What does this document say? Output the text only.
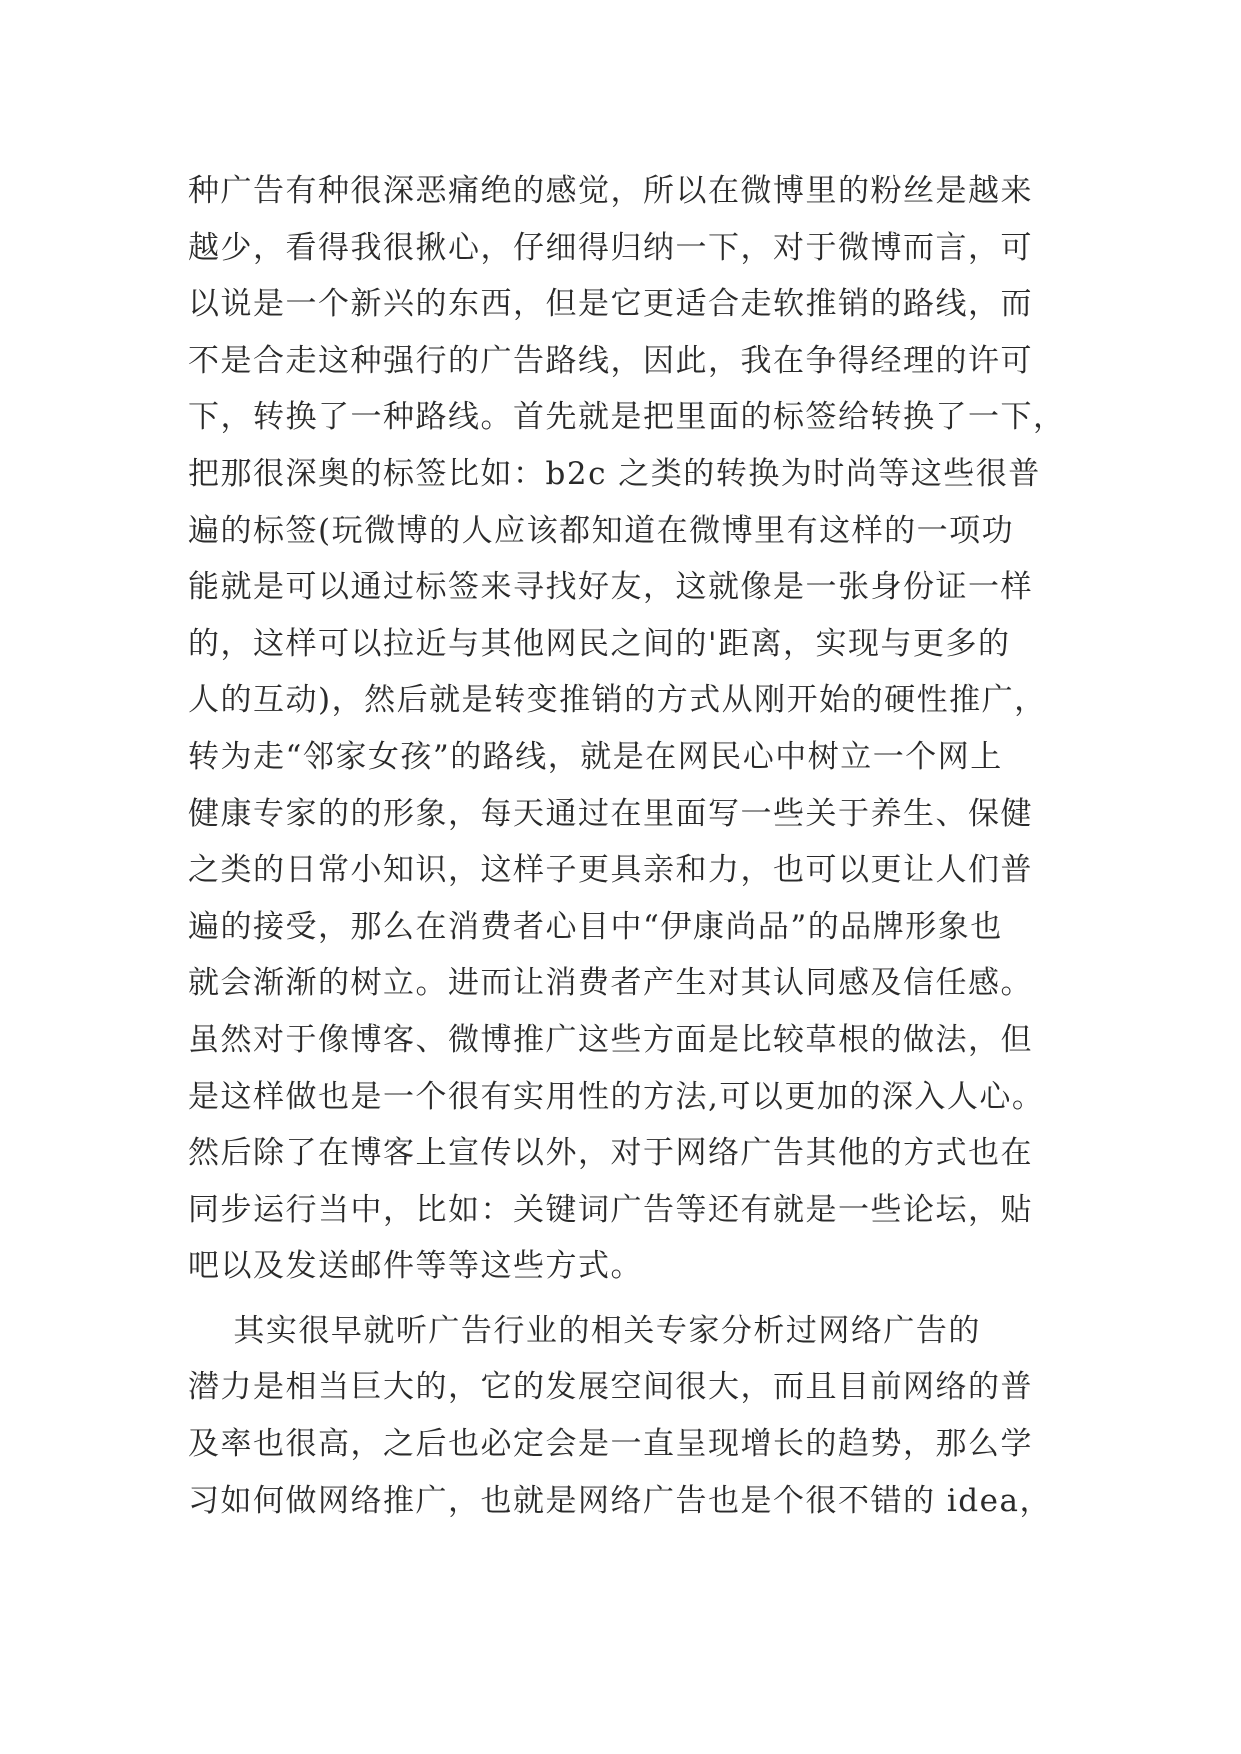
种广告有种很深恶痛绝的感觉，所以在微博里的粉丝是越来
越少，看得我很揪心，仔细得归纳一下，对于微博而言，可
以说是一个新兴的东西，但是它更适合走软推销的路线，而
不是合走这种强行的广告路线，因此，我在争得经理的许可
下，转换了一种路线。首先就是把里面的标签给转换了一下，
把那很深奥的标签比如：b2c 之类的转换为时尚等这些很普
遍的标签(玩微博的人应该都知道在微博里有这样的一项功
能就是可以通过标签来寻找好友，这就像是一张身份证一样
的，这样可以拉近与其他网民之间的'距离，实现与更多的
人的互动)，然后就是转变推销的方式从刚开始的硬性推广，
转为走“邻家女孩”的路线，就是在网民心中树立一个网上
健康专家的的形象，每天通过在里面写一些关于养生、保健
之类的日常小知识，这样子更具亲和力，也可以更让人们普
遍的接受，那么在消费者心目中“伊康尚品”的品牌形象也
就会渐渐的树立。进而让消费者产生对其认同感及信任感。
虽然对于像博客、微博推广这些方面是比较草根的做法，但
是这样做也是一个很有实用性的方法,可以更加的深入人心。
然后除了在博客上宣传以外，对于网络广告其他的方式也在
同步运行当中，比如：关键词广告等还有就是一些论坛，贴
吧以及发送邮件等等这些方式。
其实很早就听广告行业的相关专家分析过网络广告的
潜力是相当巨大的，它的发展空间很大，而且目前网络的普
及率也很高，之后也必定会是一直呈现增长的趋势，那么学
习如何做网络推广，也就是网络广告也是个很不错的 idea，
